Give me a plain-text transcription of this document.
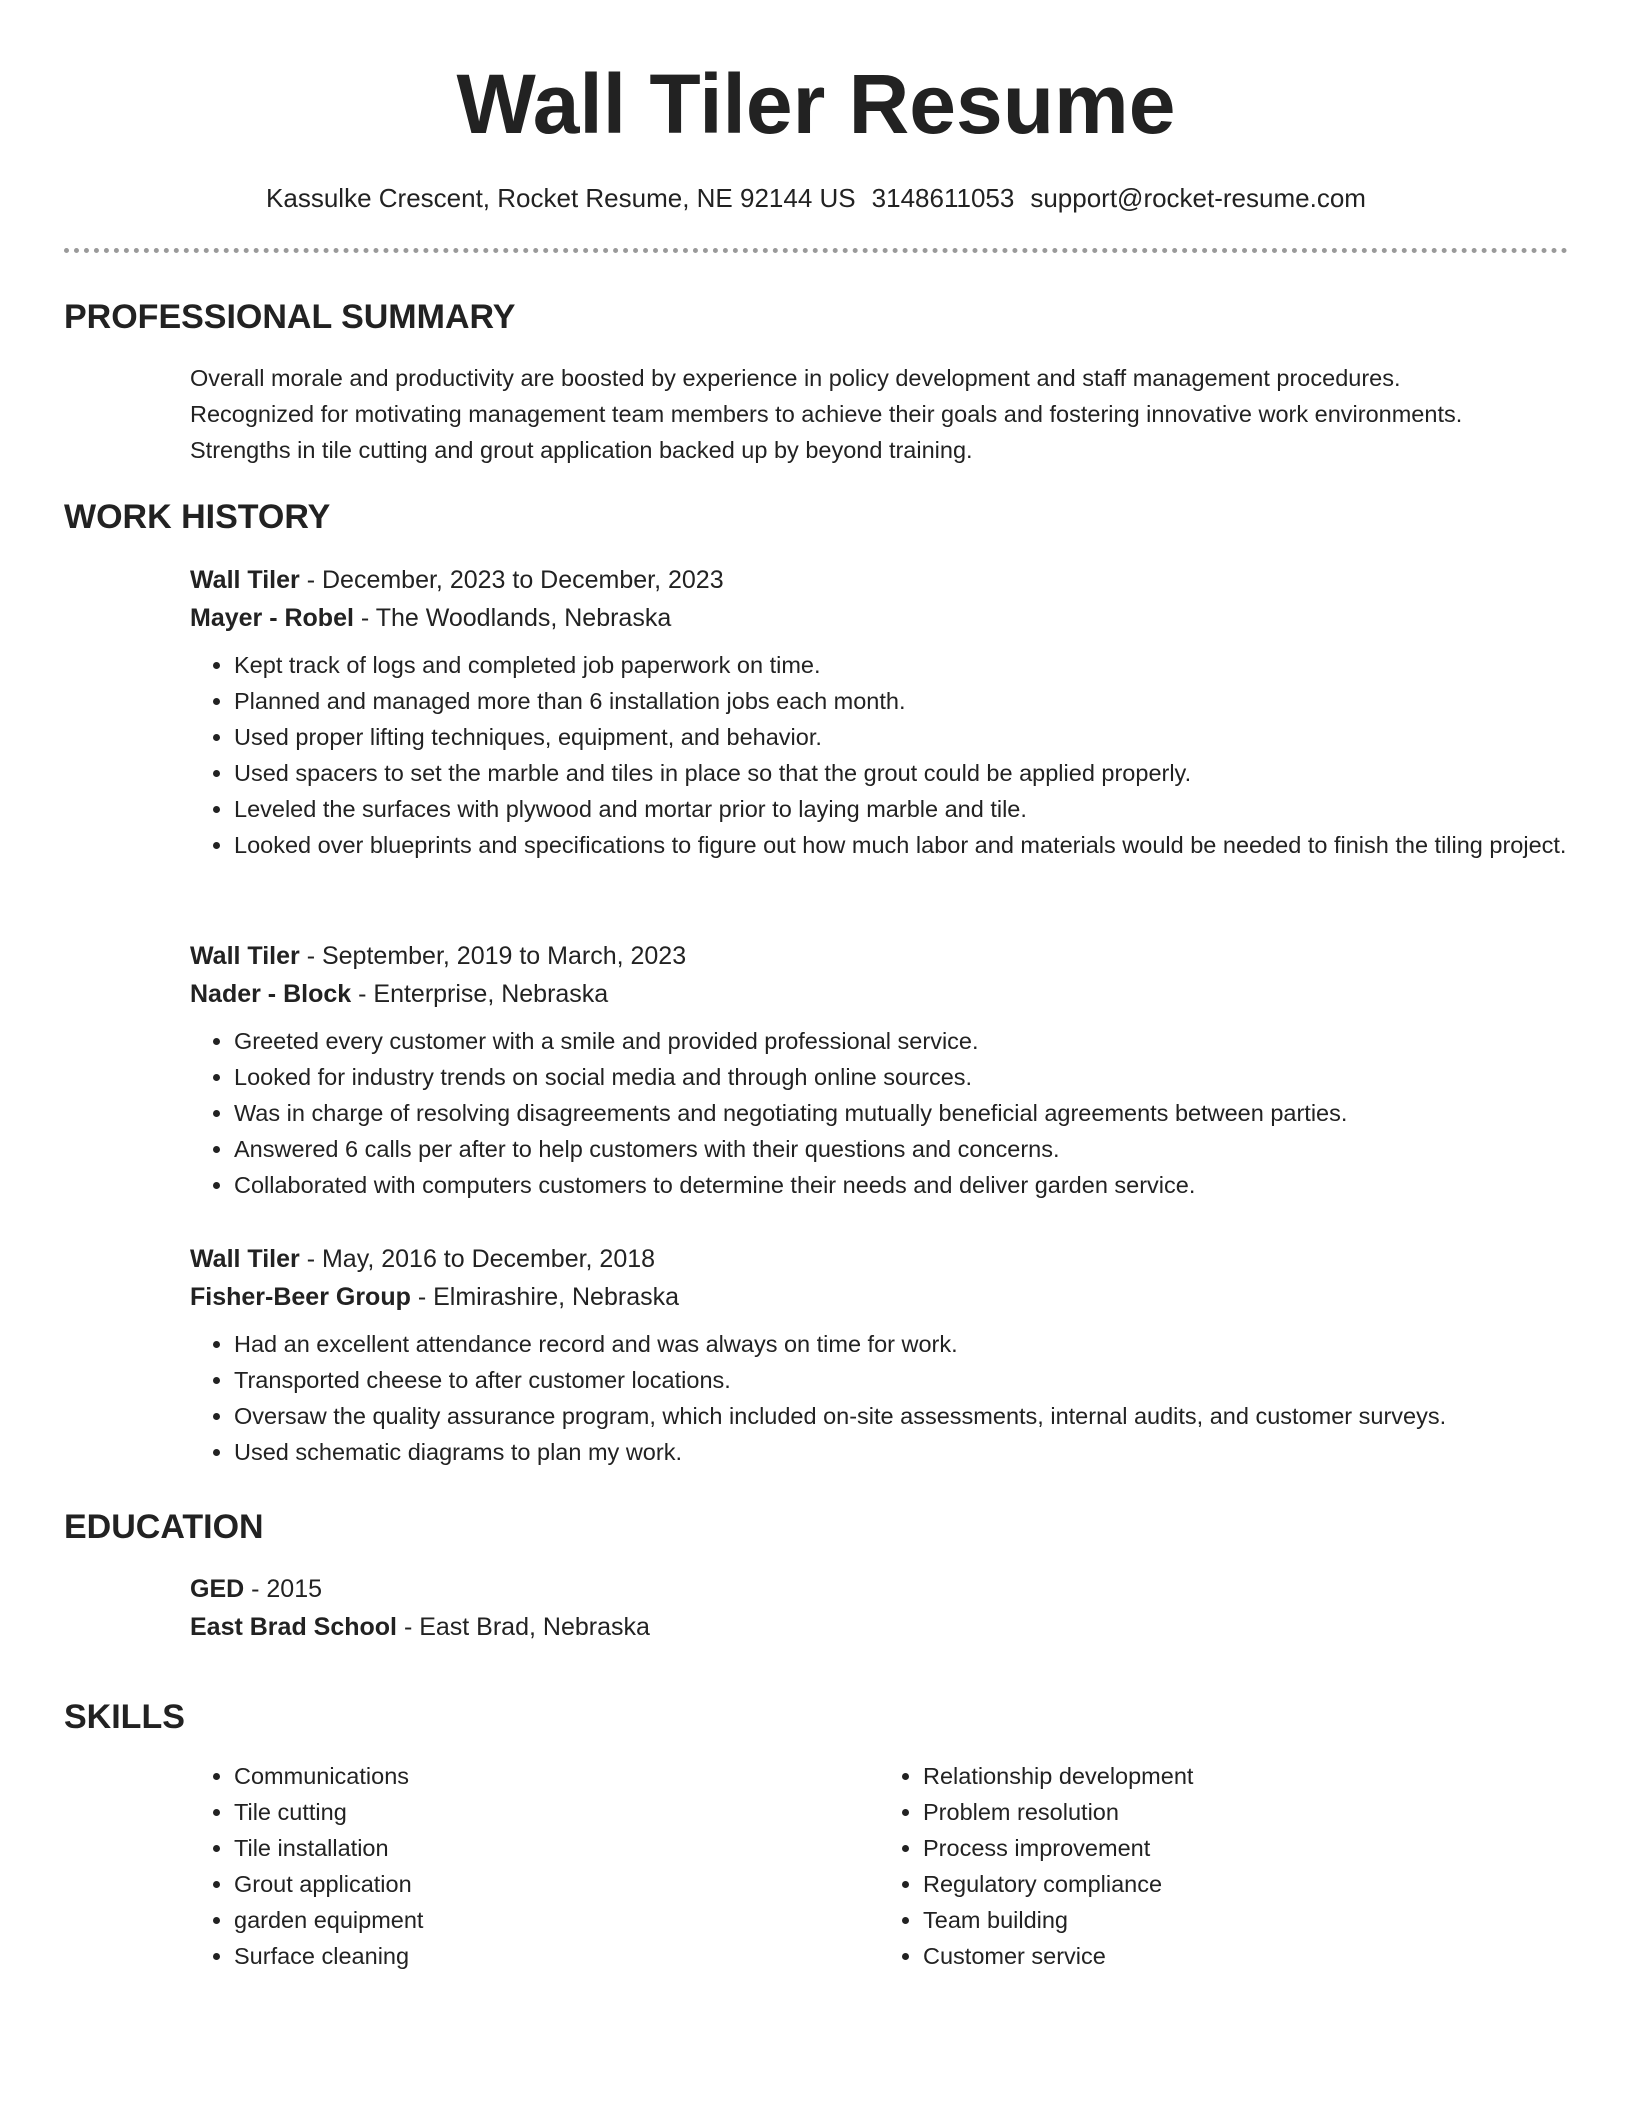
Wall Tiler Resume
Kassulke Crescent, Rocket Resume, NE 92144 US 3148611053 support@rocket-resume.com
PROFESSIONAL SUMMARY

Overall morale and productivity are boosted by experience in policy development and staff management procedures.

Recognized for motivating management team members to achieve their goals and fostering innovative work environments.

Strengths in tile cutting and grout application backed up by beyond training.

WORK HISTORY
Wall Tiler - December, 2023 to December, 2023
Mayer - Robel - The Woodlands, Nebraska
• Kept track of logs and completed job paperwork on time.
• Planned and managed more than 6 installation jobs each month.
• Used proper lifting techniques, equipment, and behavior.
• Used spacers to set the marble and tiles in place so that the grout could be applied properly.
• Leveled the surfaces with plywood and mortar prior to laying marble and tile.
• Looked over blueprints and specifications to figure out how much labor and materials would be needed to finish the tiling project.
Wall Tiler - September, 2019 to March, 2023
Nader - Block - Enterprise, Nebraska
• Greeted every customer with a smile and provided professional service.
• Looked for industry trends on social media and through online sources.
• Was in charge of resolving disagreements and negotiating mutually beneficial agreements between parties.
• Answered 6 calls per after to help customers with their questions and concerns.
• Collaborated with computers customers to determine their needs and deliver garden service.
Wall Tiler - May, 2016 to December, 2018
Fisher-Beer Group - Elmirashire, Nebraska
• Had an excellent attendance record and was always on time for work.
• Transported cheese to after customer locations.
• Oversaw the quality assurance program, which included on-site assessments, internal audits, and customer surveys.
• Used schematic diagrams to plan my work.
EDUCATION
GED - 2015
East Brad School - East Brad, Nebraska
SKILLS
• Communications
• Tile cutting
• Tile installation
• Grout application
• garden equipment
• Surface cleaning
• Relationship development
• Problem resolution
• Process improvement
• Regulatory compliance
• Team building
• Customer service
